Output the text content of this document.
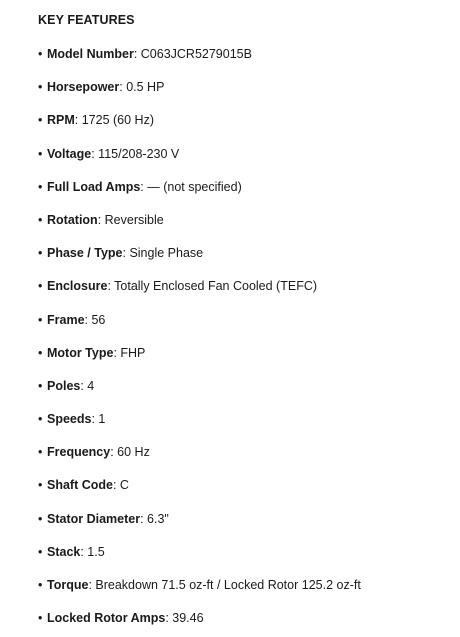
KEY FEATURES
• Model Number: C063JCR5279015B
• Horsepower: 0.5 HP
• RPM: 1725 (60 Hz)
• Voltage: 115/208-230 V
• Full Load Amps: — (not specified)
• Rotation: Reversible
• Phase / Type: Single Phase
• Enclosure: Totally Enclosed Fan Cooled (TEFC)
• Frame: 56
• Motor Type: FHP
• Poles: 4
• Speeds: 1
• Frequency: 60 Hz
• Shaft Code: C
• Stator Diameter: 6.3"
• Stack: 1.5
• Torque: Breakdown 71.5 oz-ft / Locked Rotor 125.2 oz-ft
• Locked Rotor Amps: 39.46
